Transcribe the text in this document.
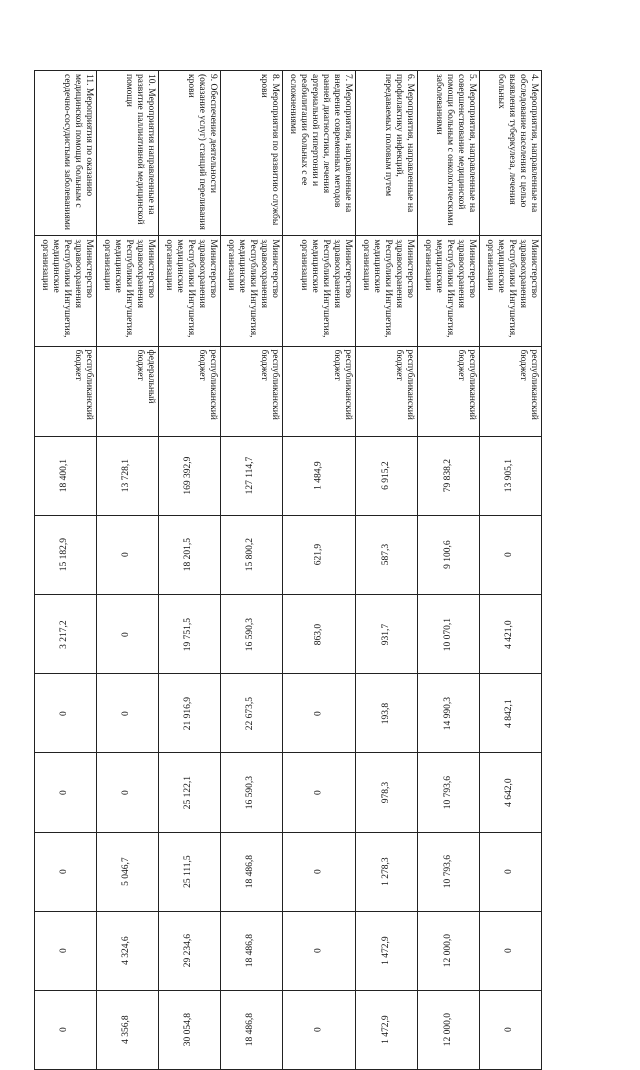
4. Мероприятия, направленные на обследование населения с целью выявления туберкулеза, лечения больных	Министерство здравоохранения Республики Ингушетия, медицинские организации	республиканский бюджет	13 905,1	0	4 421,0	4 842,1	4 642,0	0	0	0
5. Мероприятия, направленные на совершенствование медицинской помощи больным с онкологическими заболеваниями	Министерство здравоохранения Республики Ингушетия, медицинские организации	республиканский бюджет	79 838,2	9 100,6	10 070,1	14 990,3	10 793,6	10 793,6	12 000,0	12 000,0
6. Мероприятия, направленные на профилактику инфекций, передаваемых половым путем	Министерство здравоохранения Республики Ингушетия, медицинские организации	республиканский бюджет	6 915,2	587,3	931,7	193,8	978,3	1 278,3	1 472,9	1 472,9
7. Мероприятия, направленные на внедрение современных методов ранней диагностики, лечения артериальной гипертонии и реабилитации больных с ее осложнениями	Министерство здравоохранения Республики Ингушетия, медицинские организации	республиканский бюджет	1 484,9	621,9	863,0	0	0	0	0	0
8. Мероприятия по развитию службы крови	Министерство здравоохранения Республики Ингушетия, медицинские организации	республиканский бюджет	127 114,7	15 800,2	16 590,3	22 673,5	16 590,3	18 486,8	18 486,8	18 486,8
9. Обеспечение деятельности (оказание услуг) станций переливания крови	Министерство здравоохранения Республики Ингушетия, медицинские организации	республиканский бюджет	169 392,9	18 201,5	19 751,5	21 916,9	25 122,1	25 111,5	29 234,6	30 054,8
10. Мероприятия направленные на развитие паллиативной медицинской помощи	Министерство здравоохранения Республики Ингушетия, медицинские организации	федеральный бюджет	13 728,1	0	0	0	0	5 046,7	4 324,6	4 356,8
11. Мероприятия по оказанию медицинской помощи больным с сердечно-сосудистыми заболеваниями	Министерство здравоохранения Республики Ингушетия, медицинские организации	республиканский бюджет	18 400,1	15 182,9	3 217,2	0	0	0	0	0
